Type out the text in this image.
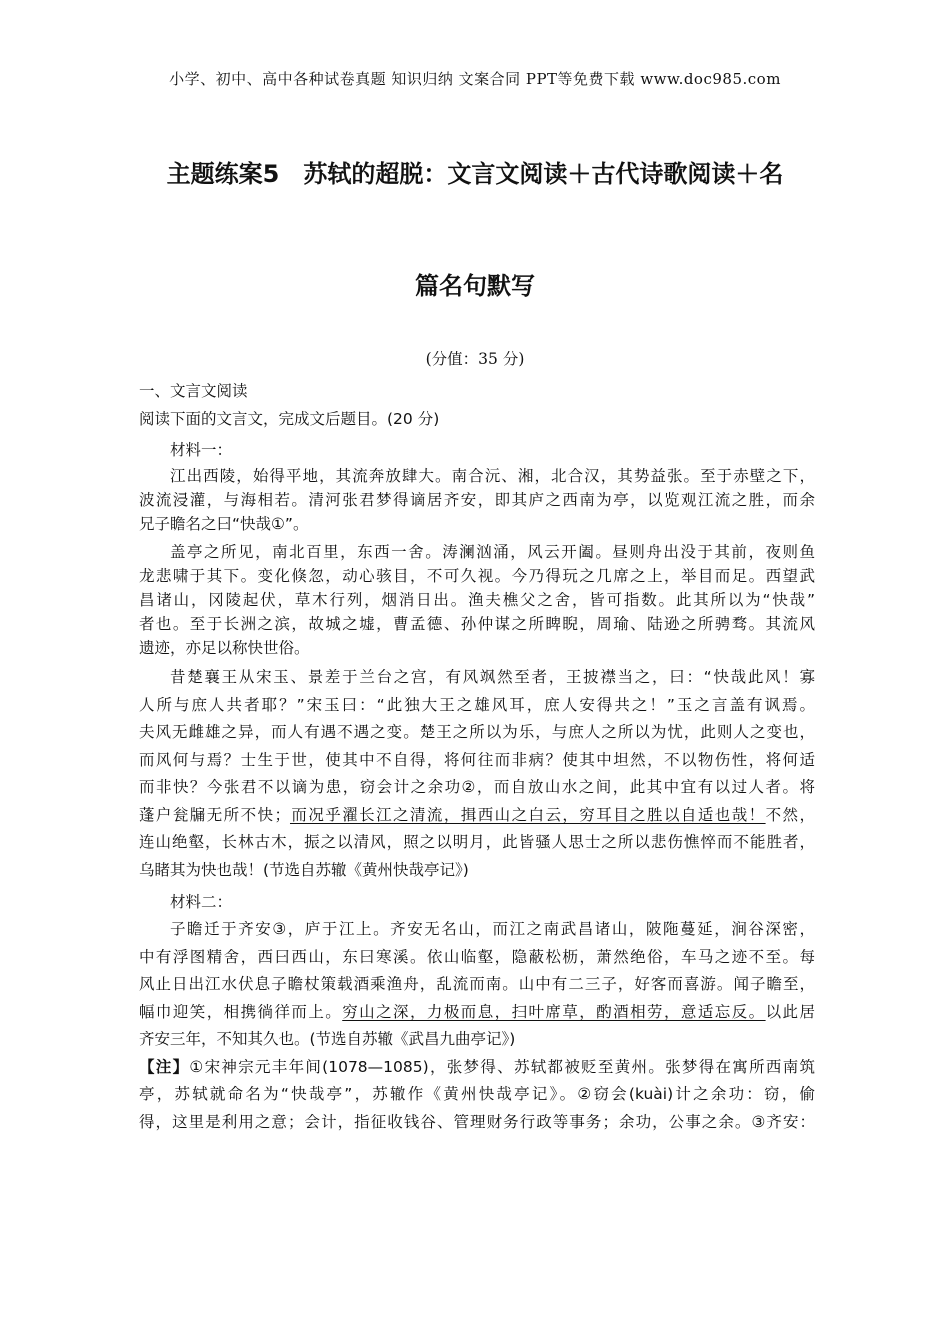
小学、初中、高中各种试卷真题 知识归纳 文案合同 PPT等免费下载 www.doc985.com
主题练案5　苏轼的超脱：文言文阅读＋古代诗歌阅读＋名
篇名句默写
(分值：35 分)
一、文言文阅读
阅读下面的文言文，完成文后题目。(20 分)
材料一：

江出西陵，始得平地，其流奔放肆大。南合沅、湘，北合汉，其势益张。至于赤壁之下，

波流浸灌，与海相若。清河张君梦得谪居齐安，即其庐之西南为亭，以览观江流之胜，而余

兄子瞻名之曰“快哉①”。

盖亭之所见，南北百里，东西一舍。涛澜汹涌，风云开阖。昼则舟出没于其前，夜则鱼

龙悲啸于其下。变化倏忽，动心骇目，不可久视。今乃得玩之几席之上，举目而足。西望武

昌诸山，冈陵起伏，草木行列，烟消日出。渔夫樵父之舍，皆可指数。此其所以为“快哉”

者也。至于长洲之滨，故城之墟，曹孟德、孙仲谋之所睥睨，周瑜、陆逊之所骋骛。其流风

遗迹，亦足以称快世俗。

昔楚襄王从宋玉、景差于兰台之宫，有风飒然至者，王披襟当之，曰：“快哉此风！寡

人所与庶人共者耶？”宋玉曰：“此独大王之雄风耳，庶人安得共之！”玉之言盖有讽焉。

夫风无雌雄之异，而人有遇不遇之变。楚王之所以为乐，与庶人之所以为忧，此则人之变也，

而风何与焉？士生于世，使其中不自得，将何往而非病？使其中坦然，不以物伤性，将何适

而非快？今张君不以谪为患，窃会计之余功②，而自放山水之间，此其中宜有以过人者。将

蓬户瓮牖无所不快；而况乎濯长江之清流，揖西山之白云，穷耳目之胜以自适也哉！不然，

连山绝壑，长林古木，振之以清风，照之以明月，此皆骚人思士之所以悲伤憔悴而不能胜者，

乌睹其为快也哉！(节选自苏辙《黄州快哉亭记》)

材料二：

子瞻迁于齐安③，庐于江上。齐安无名山，而江之南武昌诸山，陂陁蔓延，涧谷深密，

中有浮图精舍，西曰西山，东曰寒溪。依山临壑，隐蔽松枥，萧然绝俗，车马之迹不至。每

风止日出江水伏息子瞻杖策载酒乘渔舟，乱流而南。山中有二三子，好客而喜游。闻子瞻至，

幅巾迎笑，相携徜徉而上。穷山之深，力极而息，扫叶席草，酌酒相劳，意适忘反。以此居

齐安三年，不知其久也。(节选自苏辙《武昌九曲亭记》)

【注】①宋神宗元丰年间(1078—1085)，张梦得、苏轼都被贬至黄州。张梦得在寓所西南筑

亭，苏轼就命名为“快哉亭”，苏辙作《黄州快哉亭记》。②窃会(kuài)计之余功：窃，偷

得，这里是利用之意；会计，指征收钱谷、管理财务行政等事务；余功，公事之余。③齐安：
